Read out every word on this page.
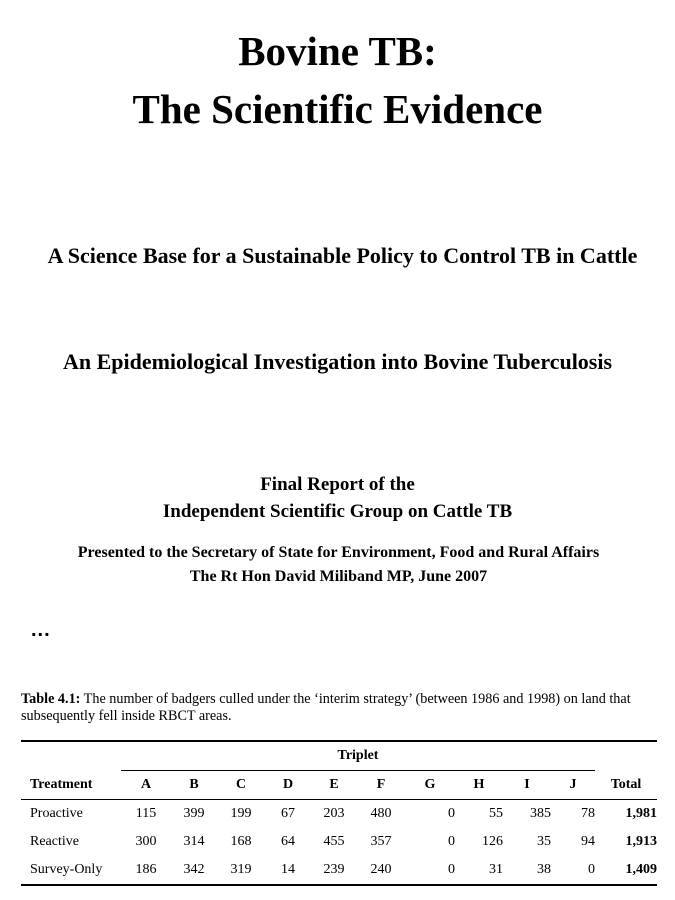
Bovine TB:
The Scientific Evidence
A Science Base for a Sustainable Policy to Control TB in Cattle
An Epidemiological Investigation into Bovine Tuberculosis
Final Report of the
Independent Scientific Group on Cattle TB
Presented to the Secretary of State for Environment, Food and Rural Affairs
The Rt Hon David Miliband MP, June 2007
...
Table 4.1: The number of badgers culled under the ‘interim strategy’ (between 1986 and 1998) on land that subsequently fell inside RBCT areas.
	Triplet										
Treatment	A	B	C	D	E	F	G	H	I	J	Total
Proactive	115	399	199	67	203	480	0	55	385	78	1,981
Reactive	300	314	168	64	455	357	0	126	35	94	1,913
Survey-Only	186	342	319	14	239	240	0	31	38	0	1,409
